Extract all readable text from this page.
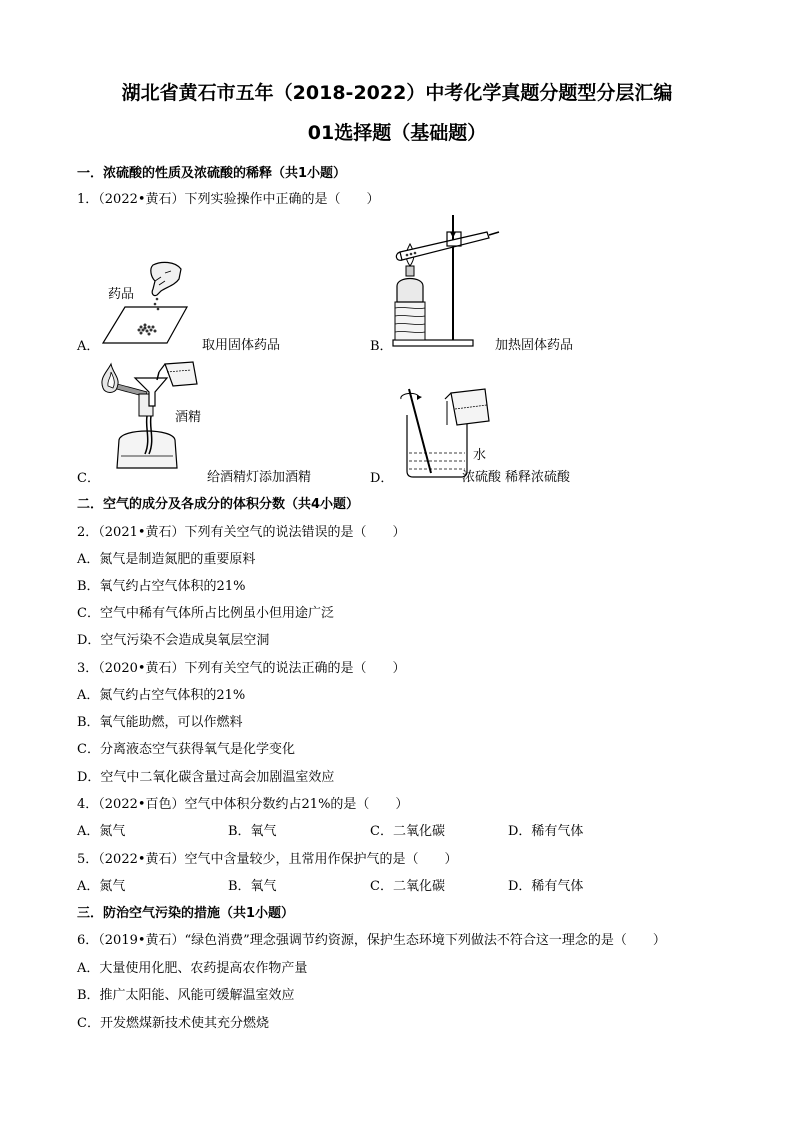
湖北省黄石市五年（2018-2022）中考化学真题分题型分层汇编
01选择题（基础题）
一．浓硫酸的性质及浓硫酸的稀释（共1小题）
1．（2022•黄石）下列实验操作中正确的是（　　）
药品
A．	取用固体药品	B．	加热固体药品
酒精
C．	给酒精灯添加酒精
水
D．	浓硫酸 稀释浓硫酸
二．空气的成分及各成分的体积分数（共4小题）
2．（2021•黄石）下列有关空气的说法错误的是（　　）
A．氮气是制造氮肥的重要原料
B．氧气约占空气体积的21%
C．空气中稀有气体所占比例虽小但用途广泛
D．空气污染不会造成臭氧层空洞
3．（2020•黄石）下列有关空气的说法正确的是（　　）
A．氮气约占空气体积的21%
B．氧气能助燃，可以作燃料
C．分离液态空气获得氧气是化学变化
D．空气中二氧化碳含量过高会加剧温室效应
4．（2022•百色）空气中体积分数约占21%的是（　　）
A．氮气	B．氧气	C．二氧化碳	D．稀有气体
5．（2022•黄石）空气中含量较少，且常用作保护气的是（　　）
A．氮气	B．氧气	C．二氧化碳	D．稀有气体
三．防治空气污染的措施（共1小题）
6．（2019•黄石）“绿色消费”理念强调节约资源，保护生态环境下列做法不符合这一理念的是（　　）
A．大量使用化肥、农药提高农作物产量
B．推广太阳能、风能可缓解温室效应
C．开发燃煤新技术使其充分燃烧
